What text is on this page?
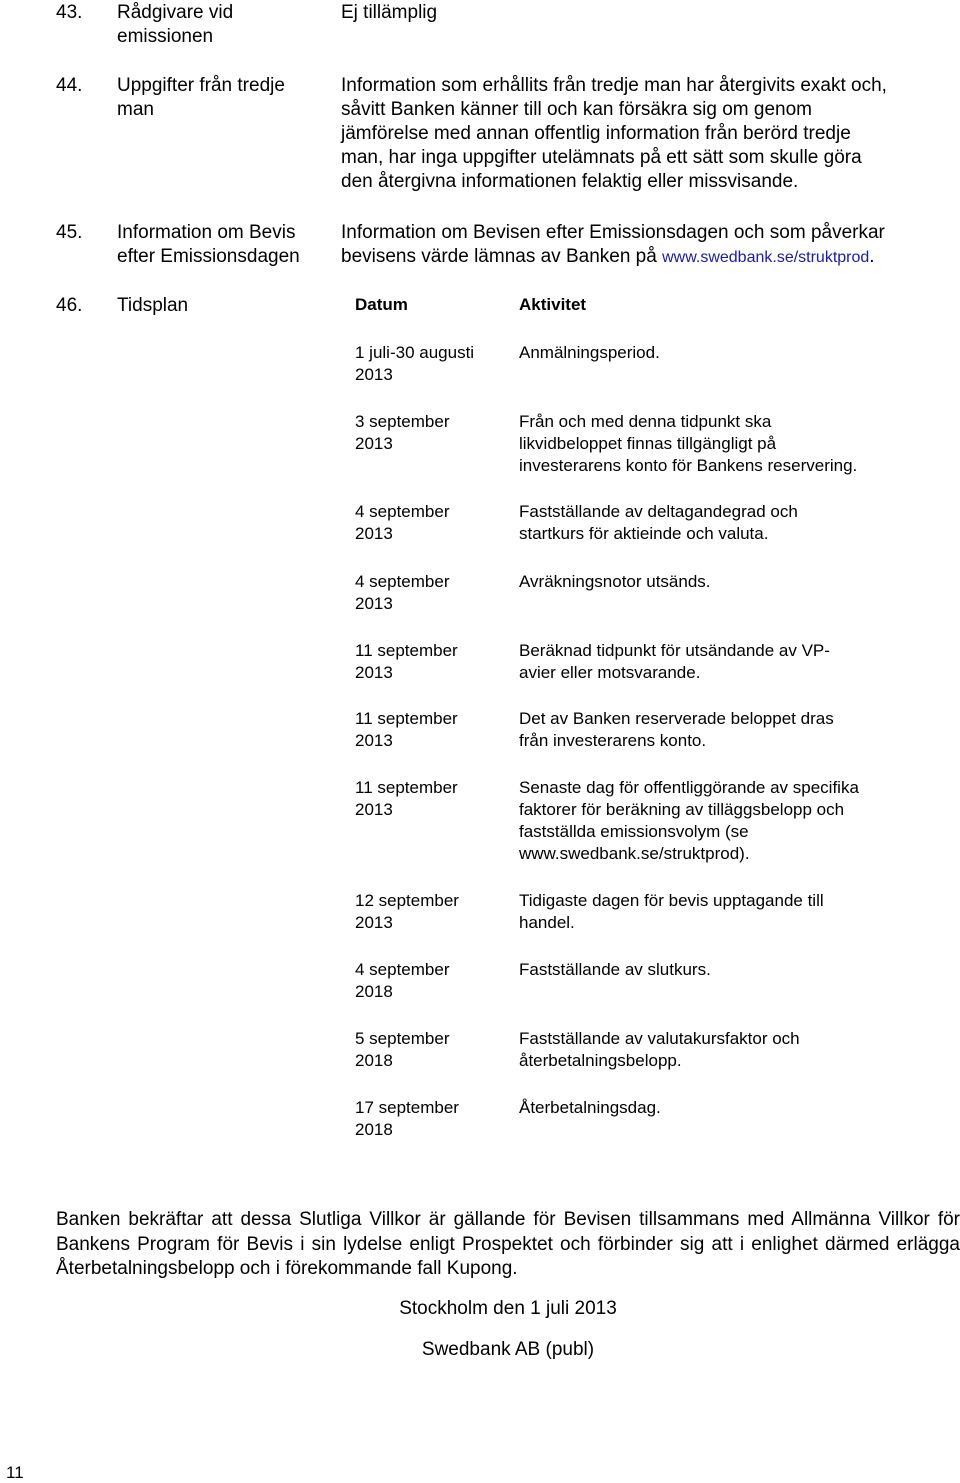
43. Rådgivare vid
emissionen
Ej tillämplig
44. Uppgifter från tredje
man
Information som erhållits från tredje man har återgivits exakt och,
såvitt Banken känner till och kan försäkra sig om genom
jämförelse med annan offentlig information från berörd tredje
man, har inga uppgifter utelämnats på ett sätt som skulle göra
den återgivna informationen felaktig eller missvisande.
45. Information om Bevis
efter Emissionsdagen
Information om Bevisen efter Emissionsdagen och som påverkar
bevisens värde lämnas av Banken på www.swedbank.se/struktprod.
46. Tidsplan	Datum	Aktivitet
1 juli-30 augusti
2013
Anmälningsperiod.
3 september
2013
Från och med denna tidpunkt ska
likvidbeloppet finnas tillgängligt på
investerarens konto för Bankens reservering.
4 september
2013
Fastställande av deltagandegrad och
startkurs för aktieinde och valuta.
4 september
2013
Avräkningsnotor utsänds.
11 september
2013
Beräknad tidpunkt för utsändande av VP-
avier eller motsvarande.
11 september
2013
Det av Banken reserverade beloppet dras
från investerarens konto.
11 september
2013
Senaste dag för offentliggörande av specifika
faktorer för beräkning av tilläggsbelopp och
fastställda emissionsvolym (se
www.swedbank.se/struktprod).
12 september
2013
Tidigaste dagen för bevis upptagande till
handel.
4 september
2018
Fastställande av slutkurs.
5 september
2018
Fastställande av valutakursfaktor och
återbetalningsbelopp.
17 september
2018
Återbetalningsdag.
Banken bekräftar att dessa Slutliga Villkor är gällande för Bevisen tillsammans med Allmänna Villkor för Bankens Program för Bevis i sin lydelse enligt Prospektet och förbinder sig att i enlighet därmed erlägga Återbetalningsbelopp och i förekommande fall Kupong.
Stockholm den 1 juli 2013
Swedbank AB (publ)
11
